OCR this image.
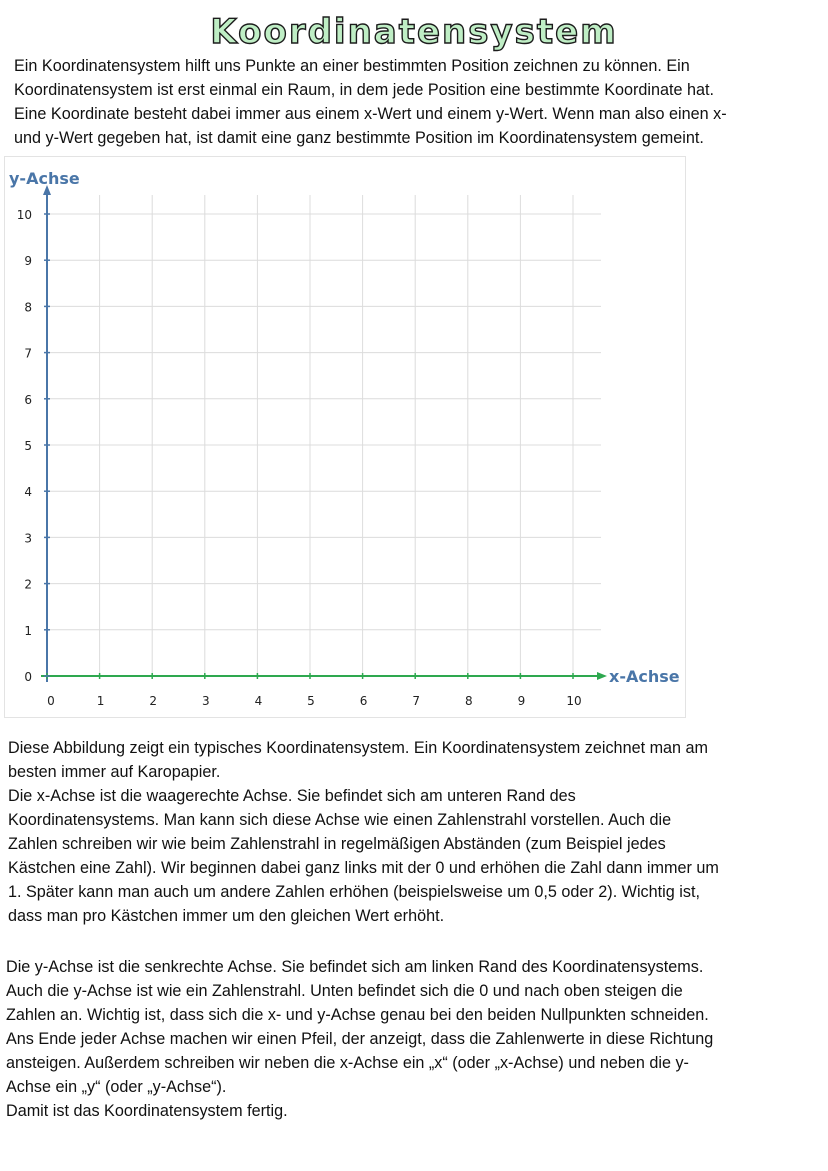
Koordinatensystem
Ein Koordinatensystem hilft uns Punkte an einer bestimmten Position zeichnen zu können. Ein
Koordinatensystem ist erst einmal ein Raum, in dem jede Position eine bestimmte Koordinate hat.
Eine Koordinate besteht dabei immer aus einem x-Wert und einem y-Wert. Wenn man also einen x-
und y-Wert gegeben hat, ist damit eine ganz bestimmte Position im Koordinatensystem gemeint.
0	1	2	3	4	5	6	7	8	9	10
0
1
2
3
4
5
6
7
8
9
10
y-Achse
x-Achse
Diese Abbildung zeigt ein typisches Koordinatensystem. Ein Koordinatensystem zeichnet man am
besten immer auf Karopapier.
Die x-Achse ist die waagerechte Achse. Sie befindet sich am unteren Rand des
Koordinatensystems. Man kann sich diese Achse wie einen Zahlenstrahl vorstellen. Auch die
Zahlen schreiben wir wie beim Zahlenstrahl in regelmäßigen Abständen (zum Beispiel jedes
Kästchen eine Zahl). Wir beginnen dabei ganz links mit der 0 und erhöhen die Zahl dann immer um
1. Später kann man auch um andere Zahlen erhöhen (beispielsweise um 0,5 oder 2). Wichtig ist,
dass man pro Kästchen immer um den gleichen Wert erhöht.
Die y-Achse ist die senkrechte Achse. Sie befindet sich am linken Rand des Koordinatensystems.
Auch die y-Achse ist wie ein Zahlenstrahl. Unten befindet sich die 0 und nach oben steigen die
Zahlen an. Wichtig ist, dass sich die x- und y-Achse genau bei den beiden Nullpunkten schneiden.
Ans Ende jeder Achse machen wir einen Pfeil, der anzeigt, dass die Zahlenwerte in diese Richtung
ansteigen. Außerdem schreiben wir neben die x-Achse ein „x“ (oder „x-Achse) und neben die y-
Achse ein „y“ (oder „y-Achse“).
Damit ist das Koordinatensystem fertig.
